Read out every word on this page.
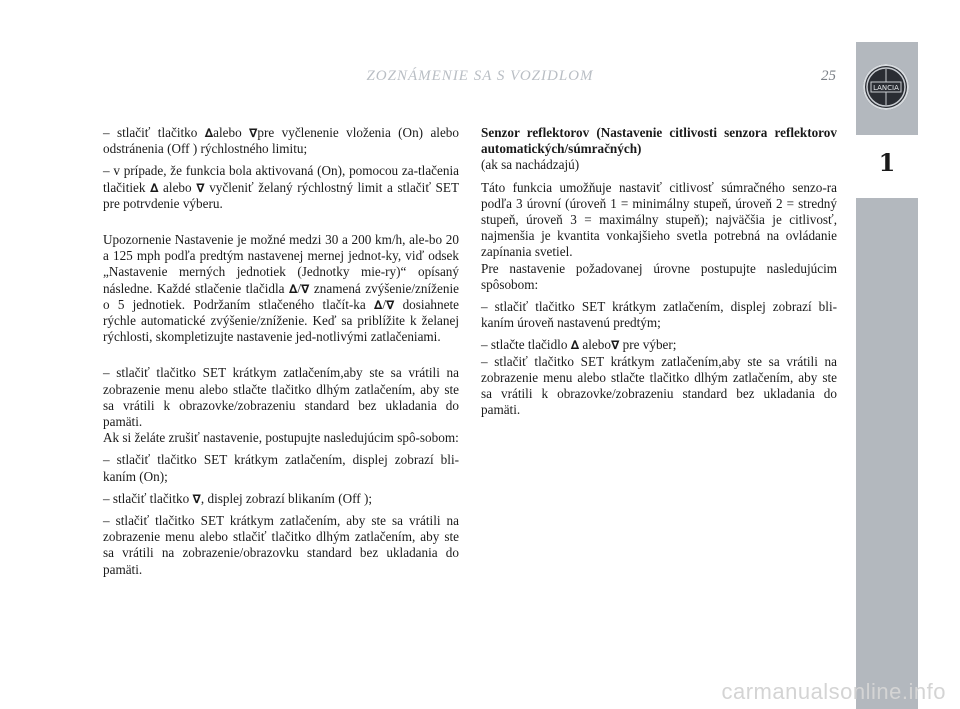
ZOZNÁMENIE SA S VOZIDLOM	25
LANCIA
1

– stlačiť tlačitko ∆alebo ∇pre vyčlenenie vloženia (On) alebo odstránenia (Off ) rýchlostného limitu;

– v prípade, že funkcia bola aktivovaná (On), pomocou za-tlačenia tlačitiek ∆ alebo ∇ vyčleniť želaný rýchlostný limit a stlačiť SET pre potrvdenie výberu.

Upozornenie Nastavenie je možné medzi 30 a 200 km/h, ale-bo 20 a 125 mph podľa predtým nastavenej mernej jednot-ky, viď odsek „Nastavenie merných jednotiek (Jednotky mie-ry)“ opísaný následne. Každé stlačenie tlačidla ∆/∇ znamená zvýšenie/zníženie o 5 jednotiek. Podržaním stlačeného tlačít-ka ∆/∇ dosiahnete rýchle automatické zvýšenie/zníženie. Keď sa priblížite k želanej rýchlosti, skompletizujte nastavenie jed-notlivými zatlačeniami.

– stlačiť tlačitko SET krátkym zatlačením,aby ste sa vrátili na zobrazenie menu alebo stlačte tlačitko dlhým zatlačením, aby ste sa vrátili k obrazovke/zobrazeniu standard bez ukladania do pamäti.

Ak si želáte zrušiť nastavenie, postupujte nasledujúcim spô-sobom:

– stlačiť tlačitko SET krátkym zatlačením, displej zobrazí bli-kaním (On);

– stlačiť tlačitko ∇, displej zobrazí blikaním (Off );

– stlačiť tlačitko SET krátkym zatlačením, aby ste sa vrátili na zobrazenie menu alebo stlačiť tlačitko dlhým zatlačením, aby ste sa vrátili na zobrazenie/obrazovku standard bez ukladania do pamäti.

Senzor reflektorov (Nastavenie citlivosti senzora reflektorov automatických/súmračných)

(ak sa nachádzajú)

Táto funkcia umožňuje nastaviť citlivosť súmračného senzo-ra podľa 3 úrovní (úroveň 1 = minimálny stupeň, úroveň 2 = stredný stupeň, úroveň 3 = maximálny stupeň); najväčšia je citlivosť, najmenšia je kvantita vonkajšieho svetla potrebná na ovládanie zapínania svetiel.

Pre nastavenie požadovanej úrovne postupujte nasledujúcim spôsobom:

– stlačiť tlačitko SET krátkym zatlačením, displej zobrazí bli-kaním úroveň nastavenú predtým;

– stlačte tlačidlo ∆ alebo∇ pre výber;

– stlačiť tlačitko SET krátkym zatlačením,aby ste sa vrátili na zobrazenie menu alebo stlačte tlačitko dlhým zatlačením, aby ste sa vrátili k obrazovke/zobrazeniu standard bez ukladania do pamäti.

carmanualsonline.info
